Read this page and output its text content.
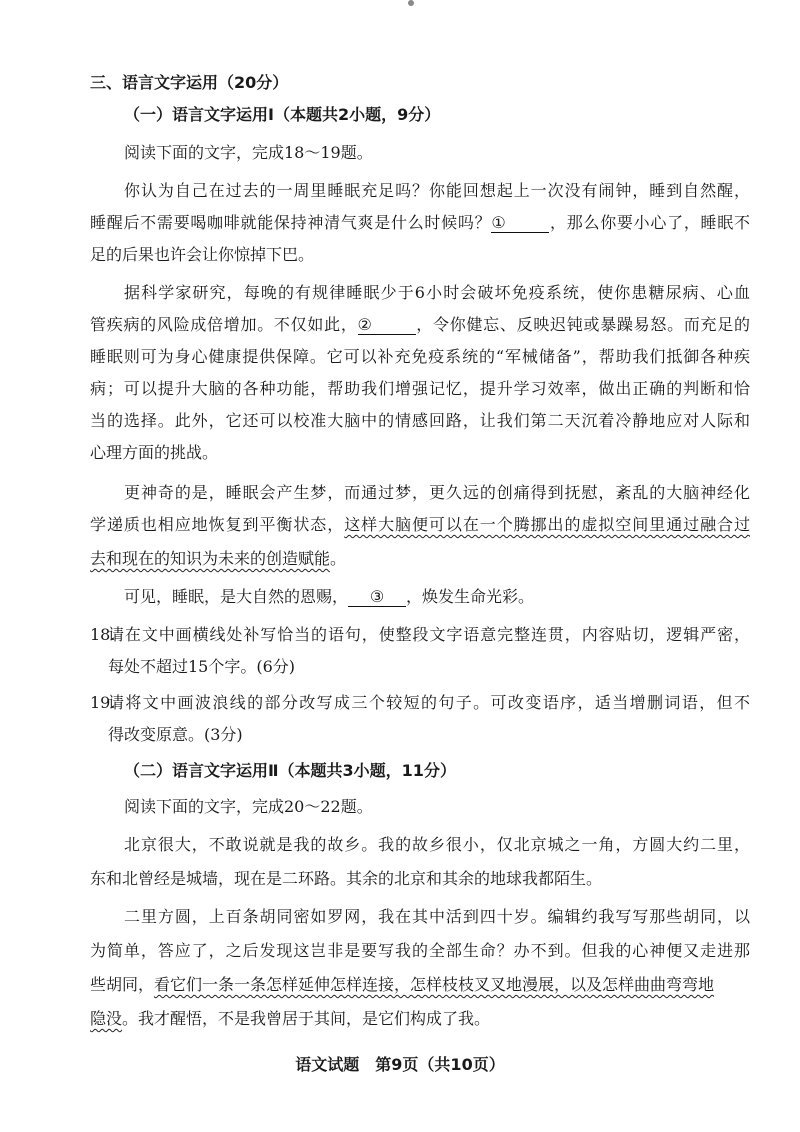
三、语言文字运用（20分）
（一）语言文字运用Ⅰ（本题共2小题，9分）
阅读下面的文字，完成18～19题。
你认为自己在过去的一周里睡眠充足吗？你能回想起上一次没有闹钟，睡到自然醒，
睡醒后不需要喝咖啡就能保持神清气爽是什么时候吗？①	，那么你要小心了，睡眠不
足的后果也许会让你惊掉下巴。
据科学家研究，每晚的有规律睡眠少于6小时会破坏免疫系统，使你患糖尿病、心血
管疾病的风险成倍增加。不仅如此，②	，令你健忘、反映迟钝或暴躁易怒。而充足的
睡眠则可为身心健康提供保障。它可以补充免疫系统的“军械储备”，帮助我们抵御各种疾
病；可以提升大脑的各种功能，帮助我们增强记忆，提升学习效率，做出正确的判断和恰
当的选择。此外，它还可以校准大脑中的情感回路，让我们第二天沉着冷静地应对人际和
心理方面的挑战。
更神奇的是，睡眠会产生梦，而通过梦，更久远的创痛得到抚慰，紊乱的大脑神经化
学递质也相应地恢复到平衡状态，这样大脑便可以在一个腾挪出的虚拟空间里通过融合过
去和现在的知识为未来的创造赋能。
可见，睡眠，是大自然的恩赐， ③ ，焕发生命光彩。
18.
请在文中画横线处补写恰当的语句，使整段文字语意完整连贯，内容贴切，逻辑严密，
每处不超过15个字。(6分)
19.
请将文中画波浪线的部分改写成三个较短的句子。可改变语序，适当增删词语，但不
得改变原意。(3分)
（二）语言文字运用Ⅱ（本题共3小题，11分）
阅读下面的文字，完成20～22题。
北京很大，不敢说就是我的故乡。我的故乡很小，仅北京城之一角，方圆大约二里，
东和北曾经是城墙，现在是二环路。其余的北京和其余的地球我都陌生。
二里方圆，上百条胡同密如罗网，我在其中活到四十岁。编辑约我写写那些胡同，以
为简单，答应了，之后发现这岂非是要写我的全部生命？办不到。但我的心神便又走进那
些胡同，看它们一条一条怎样延伸怎样连接，怎样枝枝叉叉地漫展，以及怎样曲曲弯弯地
隐没。我才醒悟，不是我曾居于其间，是它们构成了我。
语文试题　第9页（共10页）
